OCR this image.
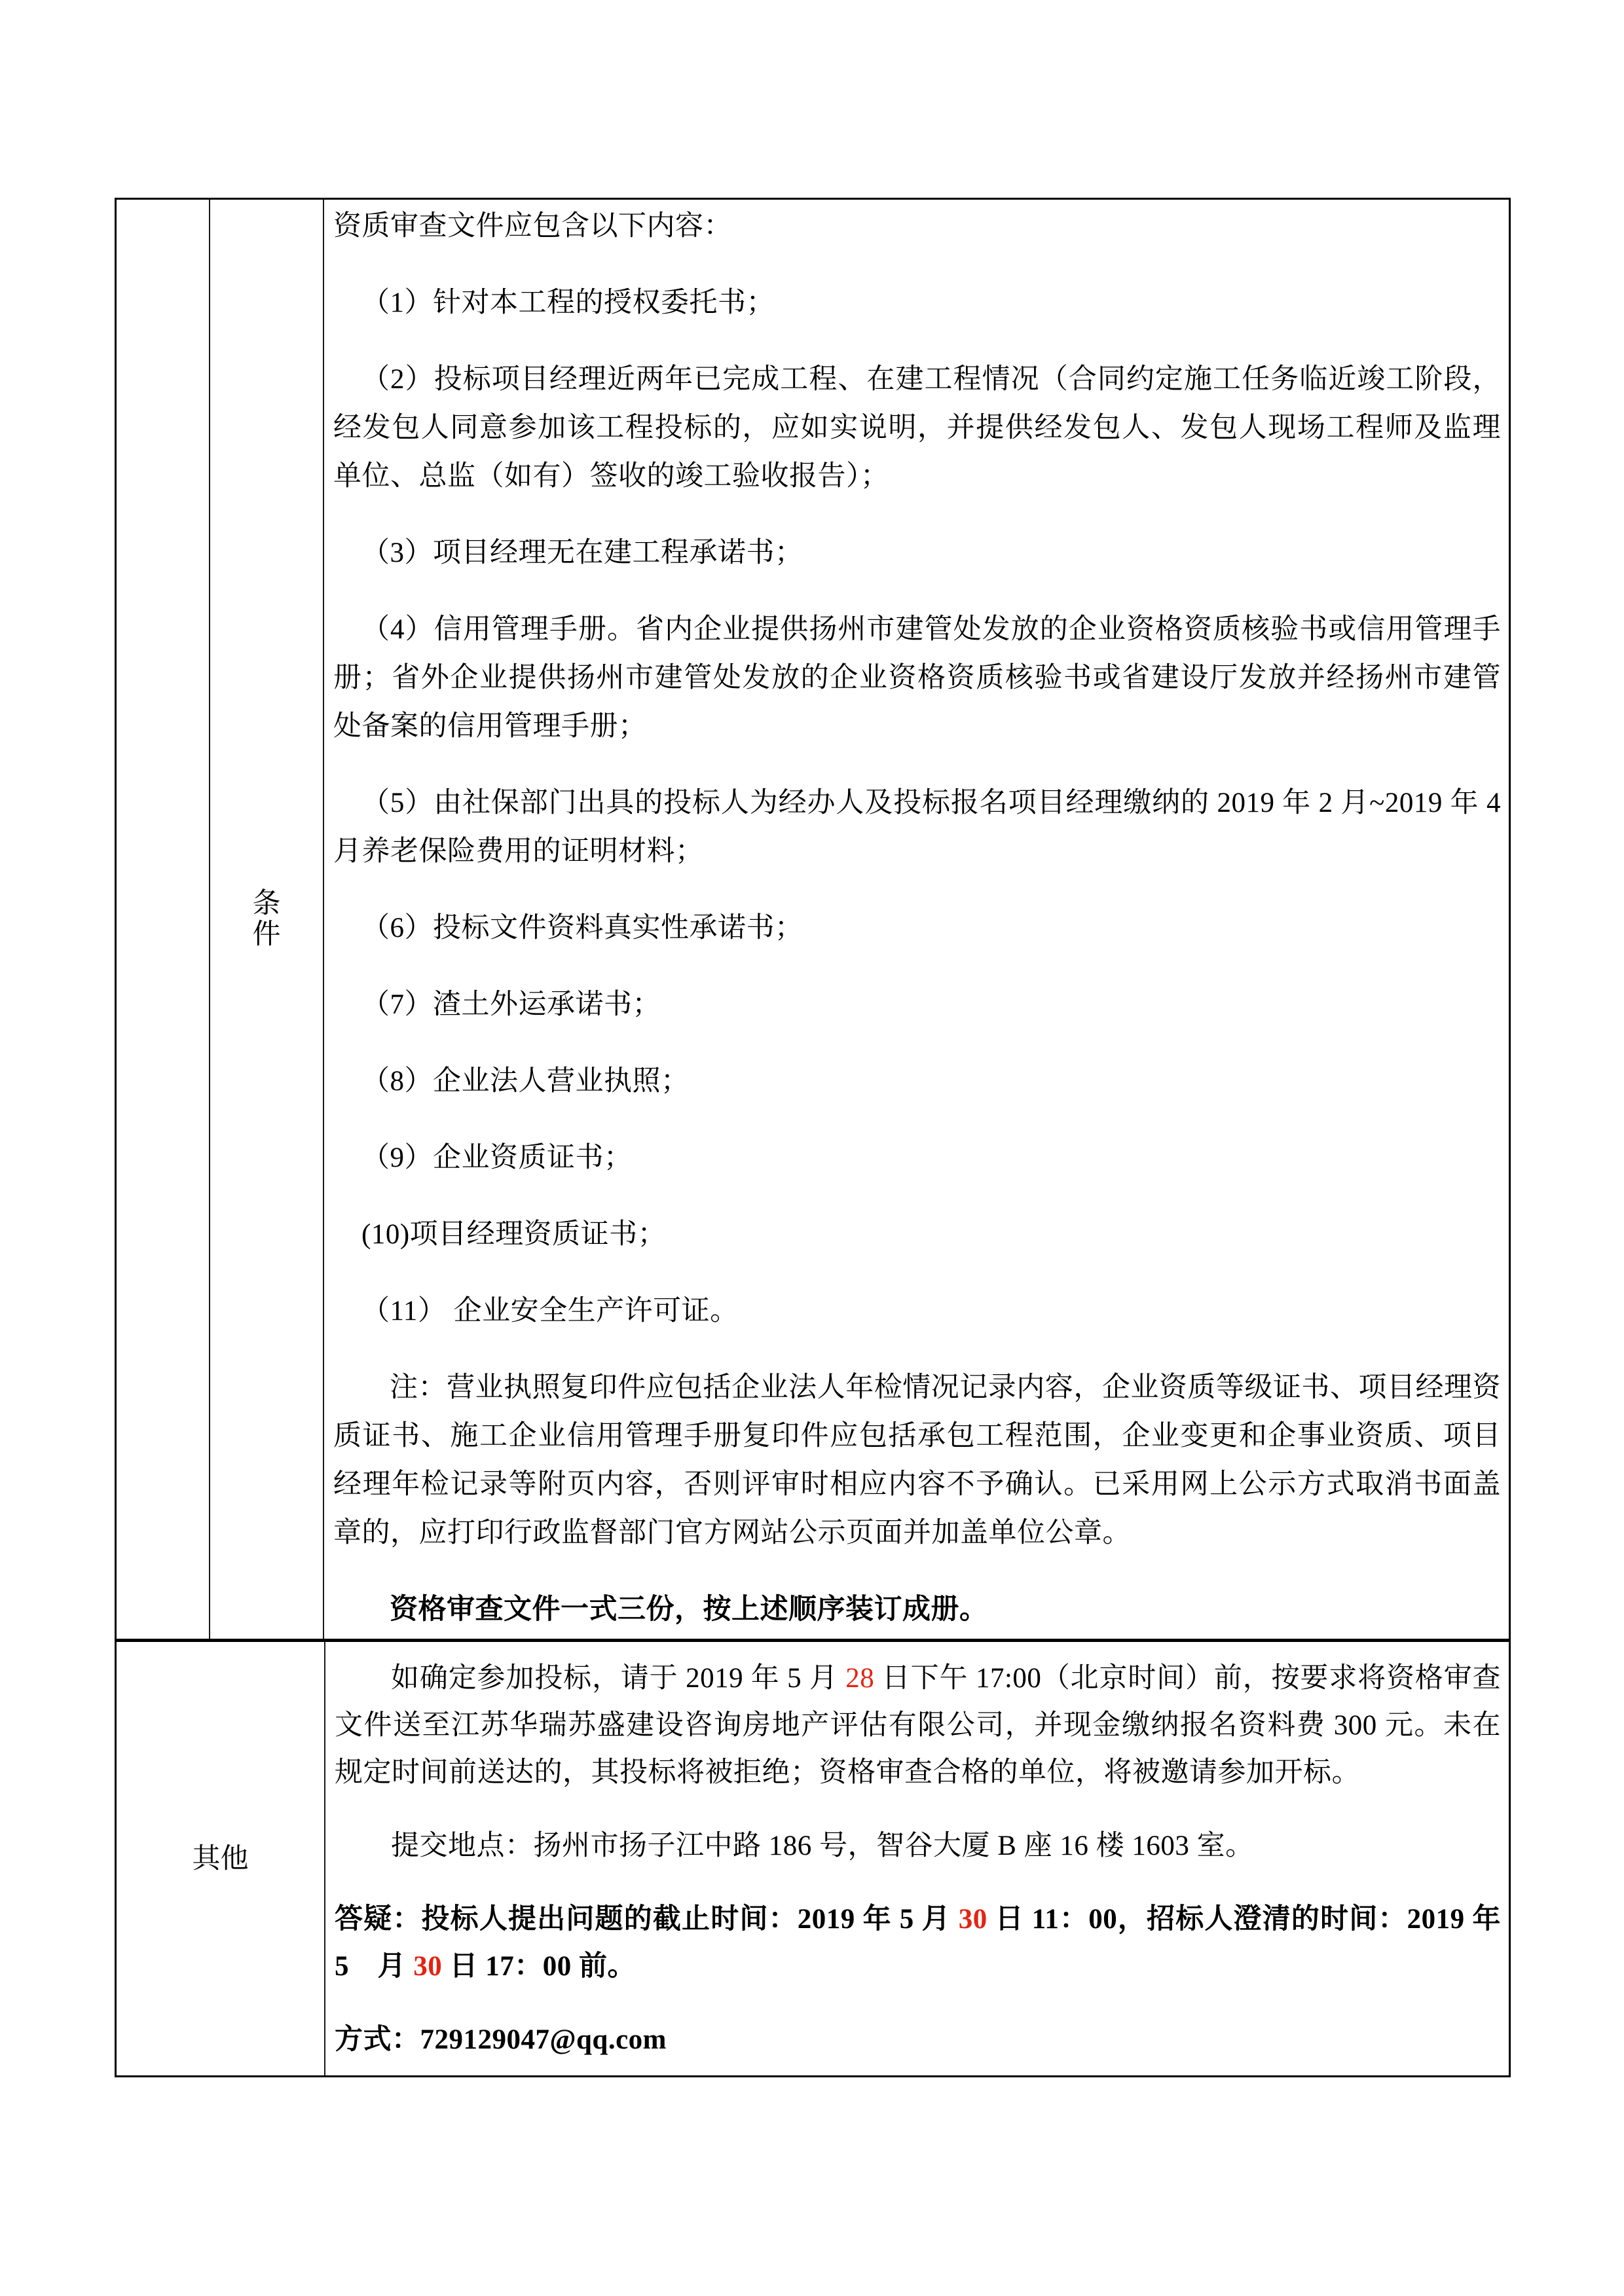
条
件

资质审查文件应包含以下内容：

（1）针对本工程的授权委托书；

（2）投标项目经理近两年已完成工程、在建工程情况（合同约定施工任务临近竣工阶段，经发包人同意参加该工程投标的，应如实说明，并提供经发包人、发包人现场工程师及监理单位、总监（如有）签收的竣工验收报告）；

（3）项目经理无在建工程承诺书；

（4）信用管理手册。省内企业提供扬州市建管处发放的企业资格资质核验书或信用管理手册；省外企业提供扬州市建管处发放的企业资格资质核验书或省建设厅发放并经扬州市建管处备案的信用管理手册；

（5）由社保部门出具的投标人为经办人及投标报名项目经理缴纳的 2019 年 2 月~2019 年 4 月养老保险费用的证明材料；

（6）投标文件资料真实性承诺书；

（7）渣土外运承诺书；

（8）企业法人营业执照；

（9）企业资质证书；

(10)项目经理资质证书；

（11） 企业安全生产许可证。

注：营业执照复印件应包括企业法人年检情况记录内容，企业资质等级证书、项目经理资质证书、施工企业信用管理手册复印件应包括承包工程范围，企业变更和企事业资质、项目经理年检记录等附页内容，否则评审时相应内容不予确认。已采用网上公示方式取消书面盖章的，应打印行政监督部门官方网站公示页面并加盖单位公章。

资格审查文件一式三份，按上述顺序装订成册。

其他

如确定参加投标，请于 2019 年 5 月 28 日下午 17:00（北京时间）前，按要求将资格审查文件送至江苏华瑞苏盛建设咨询房地产评估有限公司，并现金缴纳报名资料费 300 元。未在规定时间前送达的，其投标将被拒绝；资格审查合格的单位，将被邀请参加开标。

提交地点：扬州市扬子江中路 186 号，智谷大厦 B 座 16 楼 1603 室。

答疑：投标人提出问题的截止时间：2019 年 5 月 30 日 11：00，招标人澄清的时间：2019 年 5　月 30 日 17：00 前。

方式：729129047@qq.com
